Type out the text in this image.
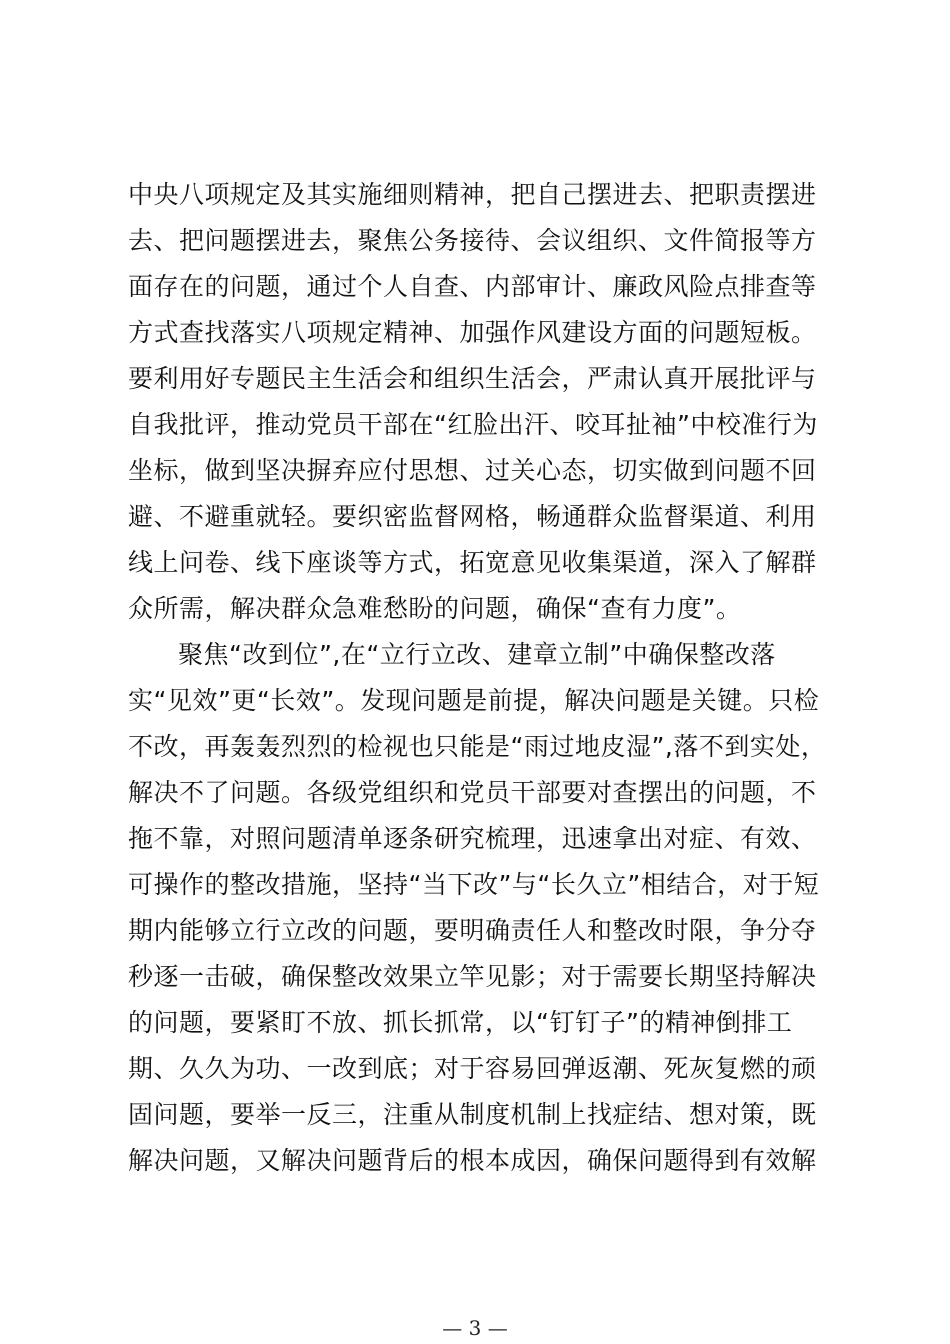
中央八项规定及其实施细则精神，把自己摆进去、把职责摆进
去、把问题摆进去，聚焦公务接待、会议组织、文件简报等方
面存在的问题，通过个人自查、内部审计、廉政风险点排查等
方式查找落实八项规定精神、加强作风建设方面的问题短板。
要利用好专题民主生活会和组织生活会，严肃认真开展批评与
自我批评，推动党员干部在“红脸出汗、咬耳扯袖”中校准行为
坐标，做到坚决摒弃应付思想、过关心态，切实做到问题不回
避、不避重就轻。要织密监督网格，畅通群众监督渠道、利用
线上问卷、线下座谈等方式，拓宽意见收集渠道，深入了解群
众所需，解决群众急难愁盼的问题，确保“查有力度”。
聚焦“改到位”,在“立行立改、建章立制”中确保整改落
实“见效”更“长效”。发现问题是前提，解决问题是关键。只检
不改，再轰轰烈烈的检视也只能是“雨过地皮湿”,落不到实处，
解决不了问题。各级党组织和党员干部要对查摆出的问题，不
拖不靠，对照问题清单逐条研究梳理，迅速拿出对症、有效、
可操作的整改措施，坚持“当下改”与“长久立”相结合，对于短
期内能够立行立改的问题，要明确责任人和整改时限，争分夺
秒逐一击破，确保整改效果立竿见影；对于需要长期坚持解决
的问题，要紧盯不放、抓长抓常，以“钉钉子”的精神倒排工
期、久久为功、一改到底；对于容易回弹返潮、死灰复燃的顽
固问题，要举一反三，注重从制度机制上找症结、想对策，既
解决问题，又解决问题背后的根本成因，确保问题得到有效解
— 3 —
